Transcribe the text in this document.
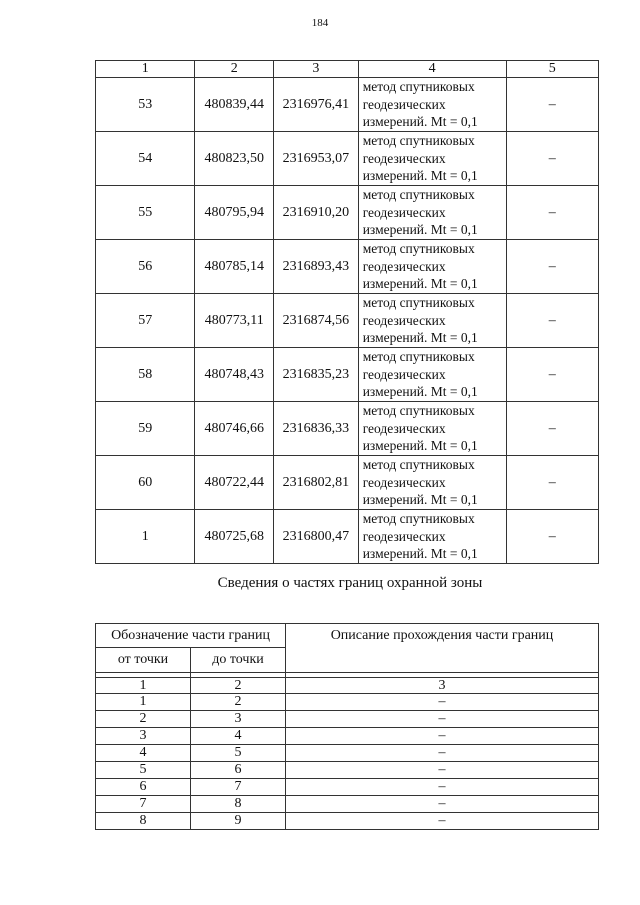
184
1	2	3	4	5
53	480839,44	2316976,41	метод спутниковых
геодезических
измерений. Mt = 0,1	–
54	480823,50	2316953,07	метод спутниковых
геодезических
измерений. Mt = 0,1	–
55	480795,94	2316910,20	метод спутниковых
геодезических
измерений. Mt = 0,1	–
56	480785,14	2316893,43	метод спутниковых
геодезических
измерений. Mt = 0,1	–
57	480773,11	2316874,56	метод спутниковых
геодезических
измерений. Mt = 0,1	–
58	480748,43	2316835,23	метод спутниковых
геодезических
измерений. Mt = 0,1	–
59	480746,66	2316836,33	метод спутниковых
геодезических
измерений. Mt = 0,1	–
60	480722,44	2316802,81	метод спутниковых
геодезических
измерений. Mt = 0,1	–
1	480725,68	2316800,47	метод спутниковых
геодезических
измерений. Mt = 0,1	–
Сведения о частях границ охранной зоны
Обозначение части границ		Описание прохождения части границ
от точки	до точки	

1	2	3
1	2	–
2	3	–
3	4	–
4	5	–
5	6	–
6	7	–
7	8	–
8	9	–
